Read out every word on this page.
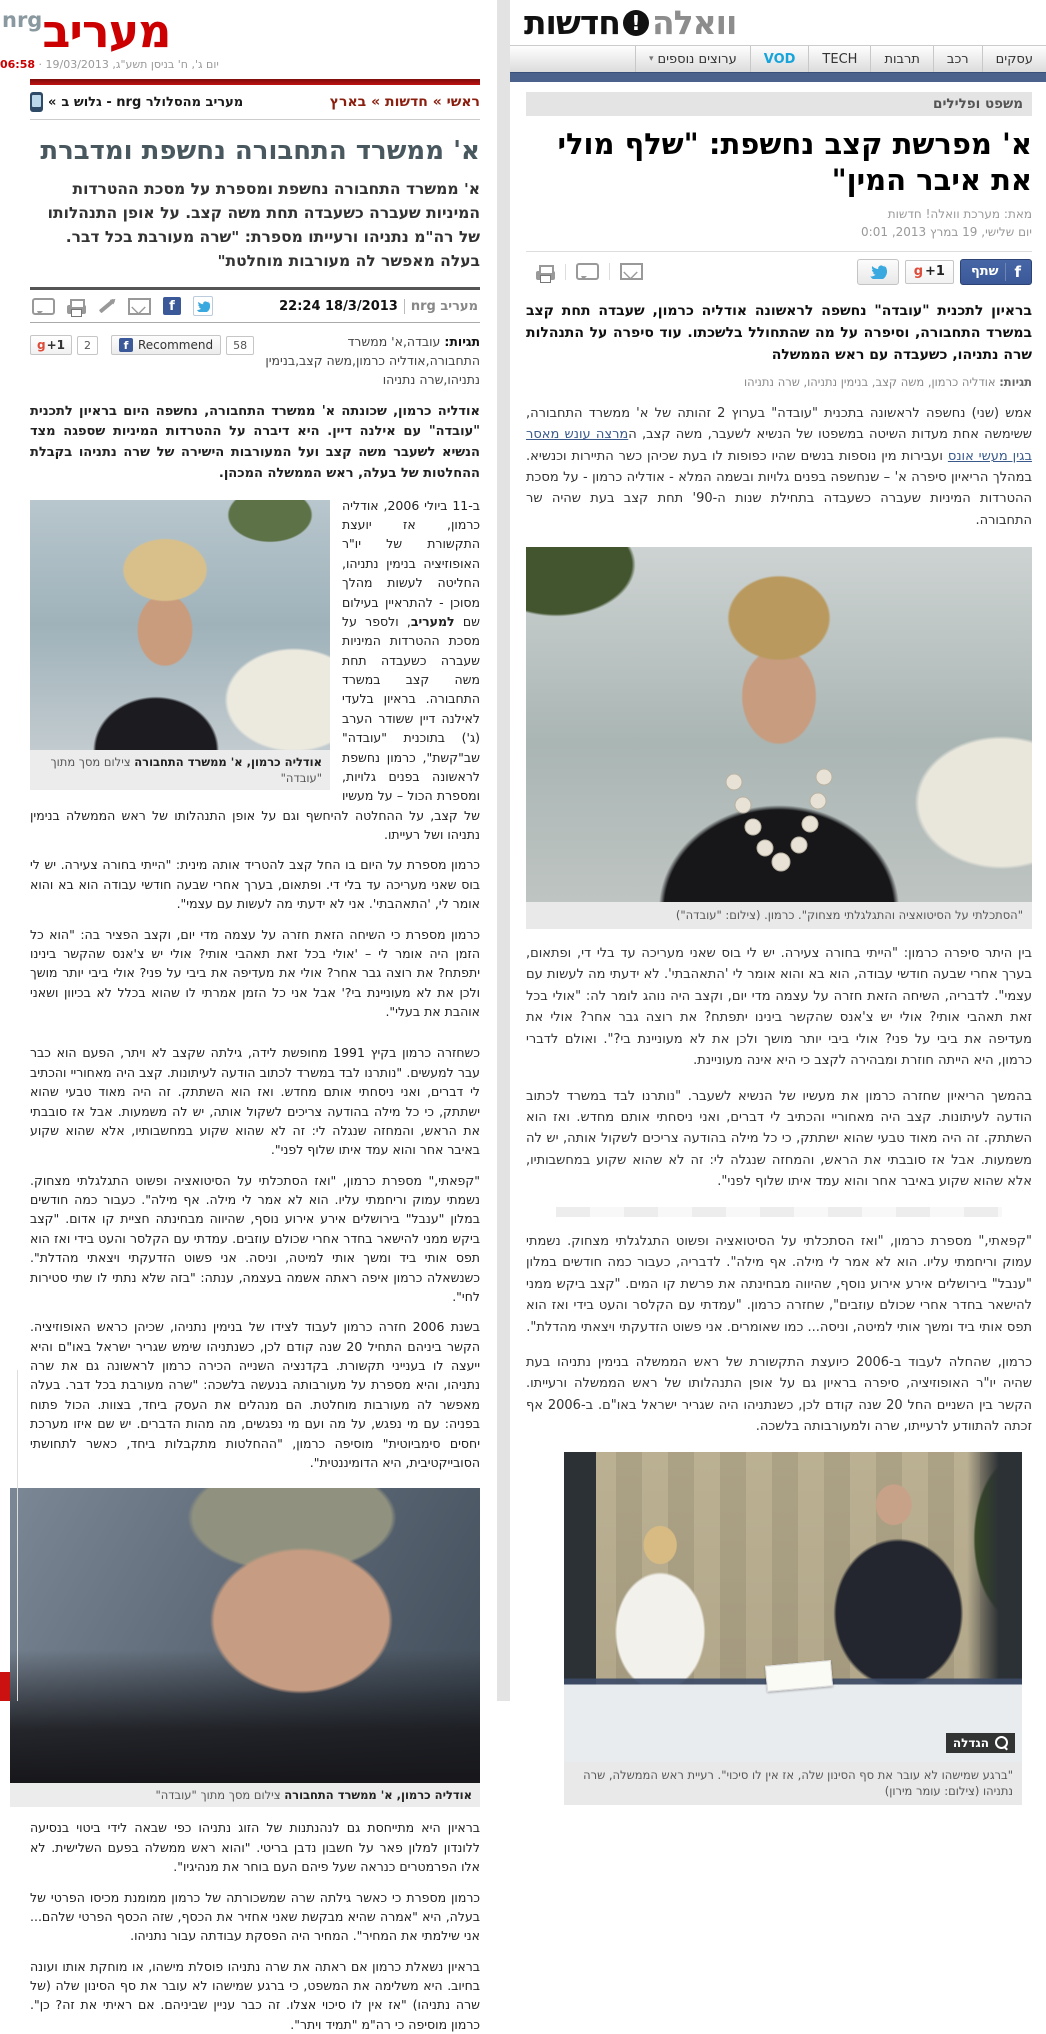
מעריב
nrg
06:58 · יום ג', ח' בניסן תשע"ג, 19/03/2013
« גלוש ב - nrg מעריב מהסלולר	ראשי » חדשות » בארץ
א' ממשרד התחבורה נחשפת ומדברת

א' ממשרד התחבורה נחשפת ומספרת על מסכת ההטרדות המיניות שעברה כשעבדה תחת משה קצב. על אופן התנהלותו של רה"מ נתניהו ורעייתו מספרת: "שרה מעורבת בכל דבר. בעלה מאפשר לה מעורבות מוחלטת"

f	22:24 18/3/2013	nrg מעריב
g +1	2	f Recommend	58	תגיות: עובדה,א' ממשרד התחבורה,אודליה כרמון,משה קצב,בנימין נתניהו,שרה נתניהו

אודליה כרמון, שכונתה א' ממשרד התחבורה, נחשפה היום בראיון לתכנית "עובדה" עם אילנה דיין. היא דיברה על ההטרדות המיניות שספגה מצד הנשיא לשעבר משה קצב ועל המעורבות הישירה של שרה נתניהו בקבלת ההחלטות של בעלה, ראש הממשלה המכהן.

אודליה כרמון, א' ממשרד התחבורה צילום מסך מתוך "עובדה"

ב-11 ביולי 2006, אודליה כרמון, אז יועצת התקשורת של יו"ר האופוזיציה בנימין נתניהו, החליטה לעשות מהלך מסוכן - להתראיין בעילום שם למעריב, ולספר על מסכת ההטרדות המיניות שעברה כשעבדה תחת משה קצב במשרד התחבורה. בראיון בלעדי לאילנה דיין ששודר הערב (ג') בתוכנית "עובדה" שב"קשת", כרמון נחשפת לראשונה בפנים גלויות, ומספרת הכול – על מעשיו של קצב, על ההחלטה להיחשף וגם על אופן התנהלותו של ראש הממשלה בנימין נתניהו ושל רעייתו.

כרמון מספרת על היום בו החל קצב להטריד אותה מינית: "הייתי בחורה צעירה. יש לי בוס שאני מעריכה עד בלי די. ופתאום, בערך אחרי שבעה חודשי עבודה הוא בא והוא אומר לי, 'התאהבתי'. אני לא ידעתי מה לעשות עם עצמי".

כרמון מספרת כי השיחה הזאת חזרה על עצמה מדי יום, וקצב הפציר בה: "הוא כל הזמן היה אומר לי – 'אולי בכל זאת תאהבי אותי? אולי יש צ'אנס שהקשר בינינו יתפתח? את רוצה גבר אחר? אולי את מעדיפה את ביבי על פני? אולי ביבי יותר מושך ולכן את לא מעוניינת בי?' אבל אני כל הזמן אמרתי לו שהוא בכלל לא בכיוון ושאני אוהבת את בעלי".

כשחזרה כרמון בקיץ 1991 מחופשת לידה, גילתה שקצב לא ויתר, הפעם הוא כבר עבר למעשים. "נותרנו לבד במשרד לכתוב הודעה לעיתונות. קצב היה מאחוריי והכתיב לי דברים, ואני ניסחתי אותם מחדש. ואז הוא השתתק. זה היה מאוד טבעי שהוא ישתתק, כי כל מילה בהודעה צריכים לשקול אותה, יש לה משמעות. אבל אז סובבתי את הראש, והמחזה שנגלה לי: זה לא שהוא שקוע במחשבותיו, אלא שהוא שקוע באיבר אחר והוא עמד איתו שלוף לפני".

"קפאתי," מספרת כרמון, "ואז הסתכלתי על הסיטואציה ופשוט התגלגלתי מצחוק. נשמתי עמוק וריחמתי עליו. הוא לא אמר לי מילה. אף מילה". כעבור כמה חודשים במלון "ענבל" בירושלים אירע אירוע נוסף, שהיווה מבחינתה חציית קו אדום. "קצב ביקש ממני להישאר בחדר אחרי שכולם עוזבים. עמדתי עם הקלסר והעט בידי ואז הוא תפס אותי ביד ומשך אותי למיטה, וניסה. אני פשוט הזדעקתי ויצאתי מהדלת". כשנשאלה כרמון איפה ראתה אשמה בעצמה, ענתה: "בזה שלא נתתי לו שתי סטירות לחי".

בשנת 2006 חזרה כרמון לעבוד לצידו של בנימין נתניהו, שכיהן כראש האופוזיציה. הקשר ביניהם התחיל 20 שנה קודם לכן, כשנתניהו שימש שגריר ישראל באו"ם והיא ייעצה לו בענייני תקשורת. בקדנציה השנייה הכירה כרמון לראשונה גם את שרה נתניהו, והיא מספרת על מעורבותה בנעשה בלשכה: "שרה מעורבת בכל דבר. בעלה מאפשר לה מעורבות מוחלטת. הם מנהלים את העסק ביחד, בצוות. הכול פתוח בפניה: עם מי נפגש, על מה ועם מי נפגשים, מה מהות הדברים. יש שם איזו מערכת יחסים סימביוטית" מוסיפה כרמון, "ההחלטות מתקבלות ביחד, כאשר לתחושתי הסובייקטיבית, היא הדומיננטית".

אודליה כרמון, א' ממשרד התחבורה צילום מסך מתוך "עובדה"

בראיון היא מתייחסת גם לנהנתנות של הזוג נתניהו כפי שבאה לידי ביטוי בנסיעה ללונדון למלון פאר על חשבון נדבן בריטי. "והוא ראש ממשלה בפעם השלישית. לא אלו הפרמטרים כנראה שעל פיהם העם בוחר את מנהיגיו".

כרמון מספרת כי כאשר גילתה שרה שמשכורתה של כרמון ממומנת מכיסו הפרטי של בעלה, היא "אמרה שהיא מבקשת שאני אחזיר את הכסף, שזה הכסף הפרטי שלהם... אני שילמתי את המחיר". המחיר היה הפסקת עבודתה עבור נתניהו.

בראיון נשאלת כרמון אם ראתה את שרה נתניהו פוסלת מישהו, או מוחקת אותו ועונה בחיוב. היא משלימה את המשפט, כי ברגע שמישהו לא עובר את סף הסינון שלה (של שרה נתניהו) "אז אין לו סיכוי אצלו. זה כבר עניין שביניהם. אם ראיתי את זה? כן". כרמון מוסיפה כי רה"מ "תמיד ויתר".

וואלה
!
חדשות
עסקים
רכב
תרבות
TECH
VOD
ערוצים נוספים ▾
משפט ופלילים
א' מפרשת קצב נחשפת: "שלף מולי את איבר המין"
מאת: מערכת וואלה! חדשות
יום שלישי, 19 במרץ 2013, 0:01
g +1 שתף	f

בראיון לתכנית "עובדה" נחשפה לראשונה אודליה כרמון, שעבדה תחת קצב במשרד התחבורה, וסיפרה על מה שהתחולל בלשכתו. עוד סיפרה על התנהלות שרה נתניהו, כשעבדה עם ראש הממשלה

תגיות: אודליה כרמון, משה קצב, בנימין נתניהו, שרה נתניהו

אמש (שני) נחשפה לראשונה בתכנית "עובדה" בערוץ 2 זהותה של א' ממשרד התחבורה, ששימשה אחת מעדות השיטה במשפטו של הנשיא לשעבר, משה קצב, המרצה עונש מאסר בגין מעשי אונס ועבירות מין נוספות בנשים שהיו כפופות לו בעת שכיהן כשר התיירות וכנשיא. במהלך הריאיון סיפרה א' – שנחשפה בפנים גלויות ובשמה המלא - אודליה כרמון - על מסכת ההטרדות המיניות שעברה כשעבדה בתחילת שנות ה-90' תחת קצב בעת שהיה שר התחבורה.

"הסתכלתי על הסיטואציה והתגלגלתי מצחוק". כרמון. (צילום: "עובדה")

בין היתר סיפרה כרמון: "הייתי בחורה צעירה. יש לי בוס שאני מעריכה עד בלי די, ופתאום, בערך אחרי שבעה חודשי עבודה, הוא בא והוא אומר לי 'התאהבתי'. לא ידעתי מה לעשות עם עצמי". לדבריה, השיחה הזאת חזרה על עצמה מדי יום, וקצב היה נוהג לומר לה: "אולי בכל זאת תאהבי אותי? אולי יש צ'אנס שהקשר בינינו יתפתח? את רוצה גבר אחר? אולי את מעדיפה את ביבי על פני? אולי ביבי יותר מושך ולכן את לא מעוניינת בי?". ואולם לדברי כרמון, היא הייתה חוזרת ומבהירה לקצב כי היא אינה מעוניינת.

בהמשך הריאיון שחזרה כרמון את מעשיו של הנשיא לשעבר. "נותרנו לבד במשרד לכתוב הודעה לעיתונות. קצב היה מאחוריי והכתיב לי דברים, ואני ניסחתי אותם מחדש. ואז הוא השתתק. זה היה מאוד טבעי שהוא ישתתק, כי כל מילה בהודעה צריכים לשקול אותה, יש לה משמעות. אבל אז סובבתי את הראש, והמחזה שנגלה לי: זה לא שהוא שקוע במחשבותיו, אלא שהוא שקוע באיבר אחר והוא עמד איתו שלוף לפני".

"קפאתי," מספרת כרמון, "ואז הסתכלתי על הסיטואציה ופשוט התגלגלתי מצחוק. נשמתי עמוק וריחמתי עליו. הוא לא אמר לי מילה. אף מילה". לדבריה, כעבור כמה חודשים במלון "ענבל" בירושלים אירע אירוע נוסף, שהיווה מבחינתה את פרשת קו המים. "קצב ביקש ממני להישאר בחדר אחרי שכולם עוזבים", שחזרה כרמון. "עמדתי עם הקלסר והעט בידי ואז הוא תפס אותי ביד ומשך אותי למיטה, וניסה... כמו שאומרים. אני פשוט הזדעקתי ויצאתי מהדלת".

כרמון, שהחלה לעבוד ב-2006 כיועצת התקשורת של ראש הממשלה בנימין נתניהו בעת שהיה יו"ר האופוזיציה, סיפרה בראיון גם על אופן התנהלותו של ראש הממשלה ורעייתו. הקשר בין השניים החל 20 שנה קודם לכן, כשנתניהו היה שגריר ישראל באו"ם. ב-2006 אף זכתה להתוודע לרעייתו, שרה ולמעורבותה בלשכה.

הגדלה
"ברגע שמישהו לא עובר את סף הסינון שלה, אז אין לו סיכוי". רעיית ראש הממשלה, שרה נתניהו (צילום: עומר מירון)
